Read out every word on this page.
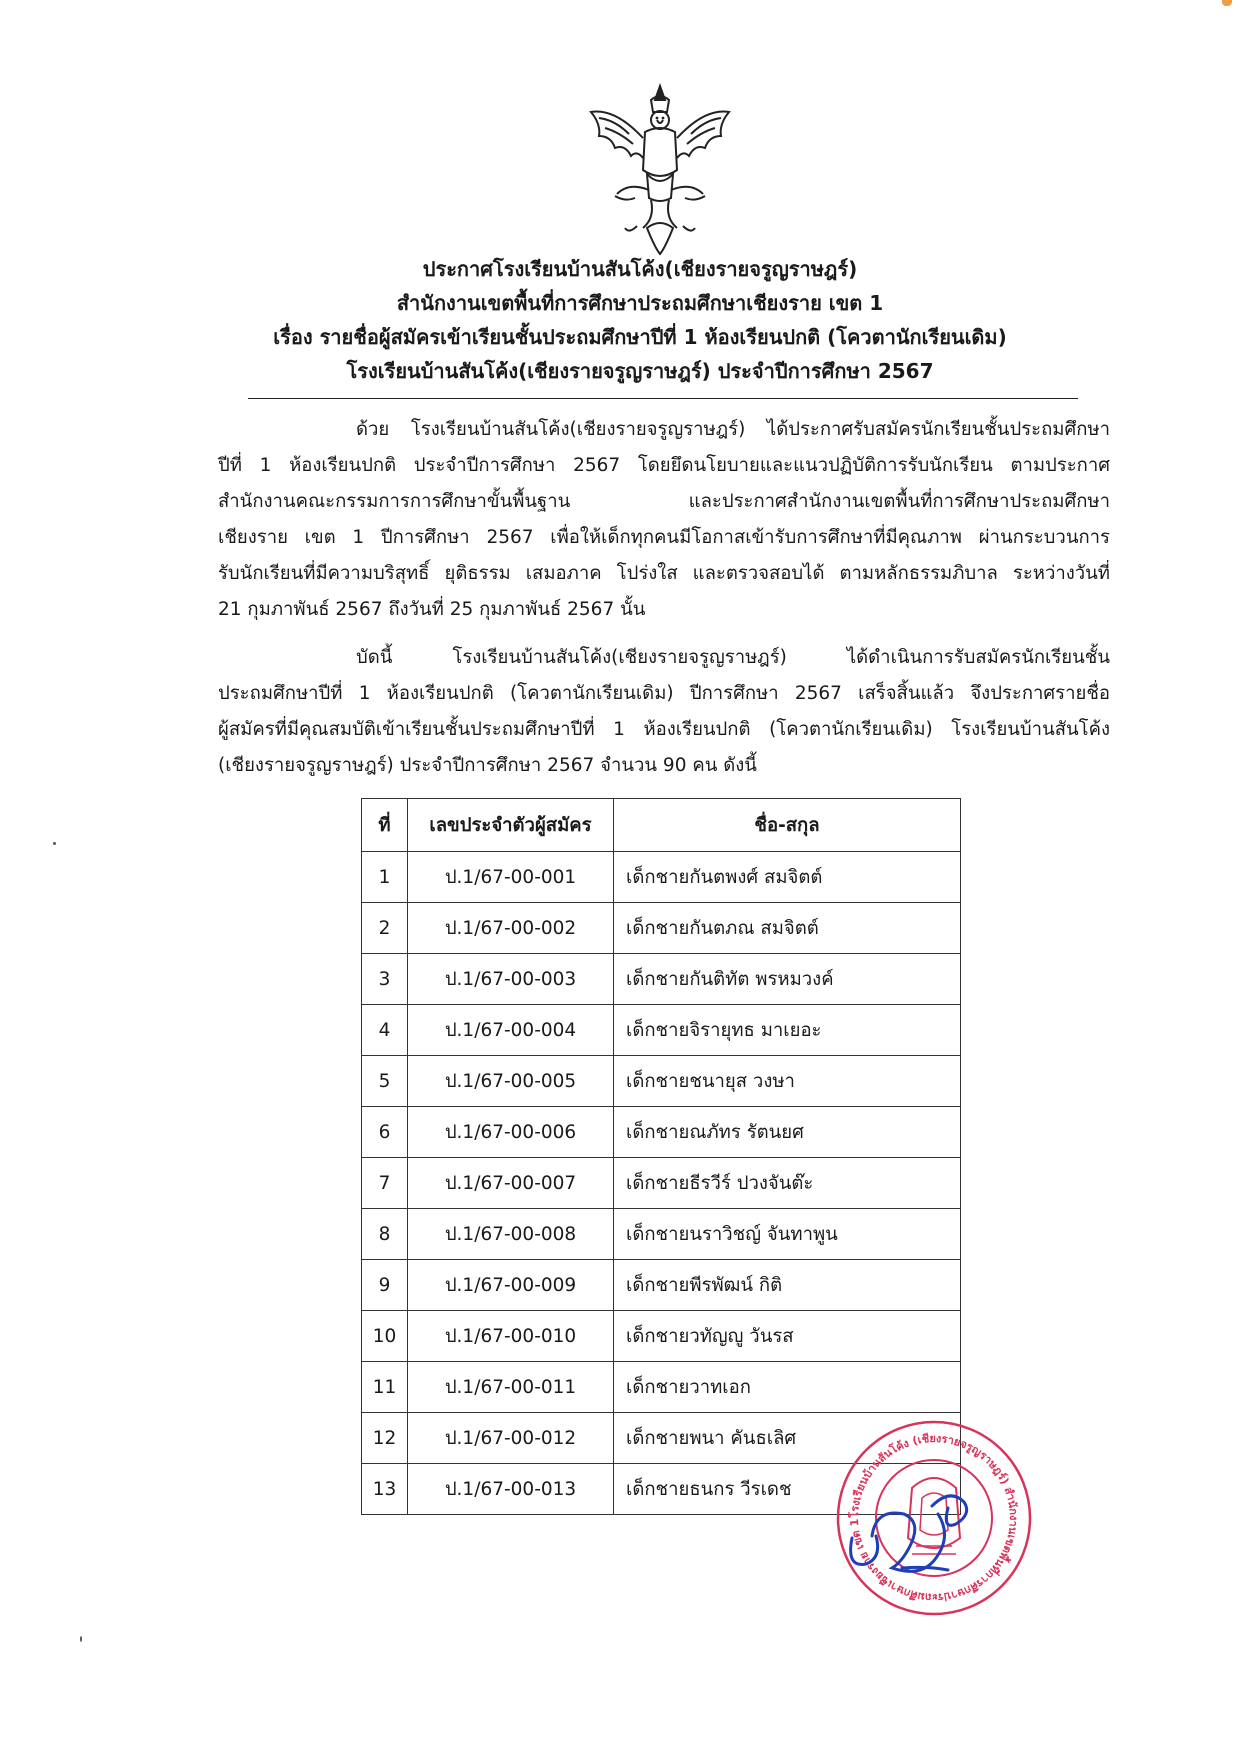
ประกาศโรงเรียนบ้านสันโค้ง(เชียงรายจรูญราษฎร์)
สำนักงานเขตพื้นที่การศึกษาประถมศึกษาเชียงราย เขต 1
เรื่อง รายชื่อผู้สมัครเข้าเรียนชั้นประถมศึกษาปีที่ 1 ห้องเรียนปกติ (โควตานักเรียนเดิม)
โรงเรียนบ้านสันโค้ง(เชียงรายจรูญราษฎร์) ประจำปีการศึกษา 2567
ด้วย โรงเรียนบ้านสันโค้ง(เชียงรายจรูญราษฎร์) ได้ประกาศรับสมัครนักเรียนชั้นประถมศึกษา
ปีที่ 1 ห้องเรียนปกติ ประจำปีการศึกษา 2567 โดยยึดนโยบายและแนวปฏิบัติการรับนักเรียน ตามประกาศ
สำนักงานคณะกรรมการการศึกษาขั้นพื้นฐาน และประกาศสำนักงานเขตพื้นที่การศึกษาประถมศึกษา
เชียงราย เขต 1 ปีการศึกษา 2567 เพื่อให้เด็กทุกคนมีโอกาสเข้ารับการศึกษาที่มีคุณภาพ ผ่านกระบวนการ
รับนักเรียนที่มีความบริสุทธิ์ ยุติธรรม เสมอภาค โปร่งใส และตรวจสอบได้ ตามหลักธรรมภิบาล ระหว่างวันที่
21 กุมภาพันธ์ 2567 ถึงวันที่ 25 กุมภาพันธ์ 2567 นั้น
บัดนี้ โรงเรียนบ้านสันโค้ง(เชียงรายจรูญราษฎร์) ได้ดำเนินการรับสมัครนักเรียนชั้น
ประถมศึกษาปีที่ 1 ห้องเรียนปกติ (โควตานักเรียนเดิม) ปีการศึกษา 2567 เสร็จสิ้นแล้ว จึงประกาศรายชื่อ
ผู้สมัครที่มีคุณสมบัติเข้าเรียนชั้นประถมศึกษาปีที่ 1 ห้องเรียนปกติ (โควตานักเรียนเดิม) โรงเรียนบ้านสันโค้ง
(เชียงรายจรูญราษฎร์) ประจำปีการศึกษา 2567 จำนวน 90 คน ดังนี้
ที่	เลขประจำตัวผู้สมัคร	ชื่อ-สกุล
1	ป.1/67-00-001	เด็กชายกันตพงศ์ สมจิตต์
2	ป.1/67-00-002	เด็กชายกันตภณ สมจิตต์
3	ป.1/67-00-003	เด็กชายกันติทัต พรหมวงค์
4	ป.1/67-00-004	เด็กชายจิรายุทธ มาเยอะ
5	ป.1/67-00-005	เด็กชายชนายุส วงษา
6	ป.1/67-00-006	เด็กชายณภัทร รัตนยศ
7	ป.1/67-00-007	เด็กชายธีรวีร์ ปวงจันต๊ะ
8	ป.1/67-00-008	เด็กชายนราวิชญ์ จันทาพูน
9	ป.1/67-00-009	เด็กชายพีรพัฒน์ กิติ
10	ป.1/67-00-010	เด็กชายวทัญญู วันรส
11	ป.1/67-00-011	เด็กชายวาทเอก
12	ป.1/67-00-012	เด็กชายพนา คันธเลิศ
13	ป.1/67-00-013	เด็กชายธนกร วีรเดช
โรงเรียนบ้านสันโค้ง (เชียงรายจรูญราษฎร์) สำนักงานเขตพื้นที่การศึกษาประถมศึกษาเชียงราย เขต 1
